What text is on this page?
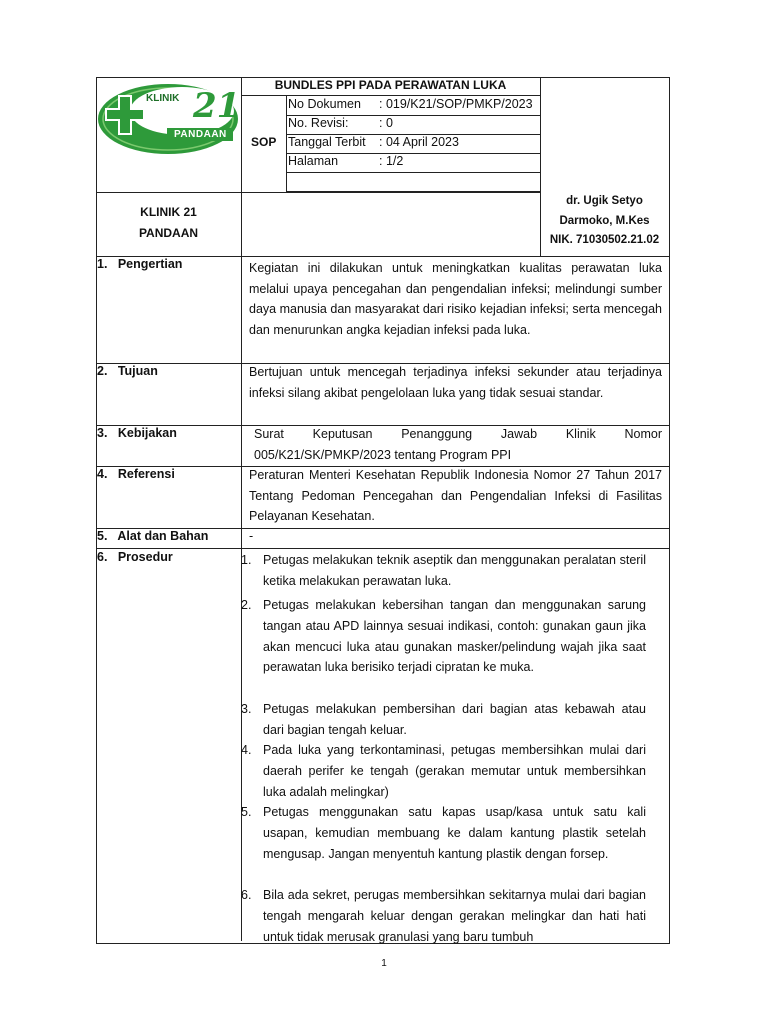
KLINIK 21
PANDAAN
BUNDLES PPI PADA PERAWATAN LUKA
SOP
No Dokumen : 019/K21/SOP/PMKP/2023
No. Revisi: : 0
Tanggal Terbit : 04 April 2023
Halaman	: 1/2
KLINIK 21
PANDAAN
dr. Ugik Setyo
Darmoko, M.Kes
NIK. 71030502.21.02
1.   Pengertian
2.   Tujuan
3.   Kebijakan
4.   Referensi
5.   Alat dan Bahan
6.   Prosedur
Kegiatan ini dilakukan untuk meningkatkan kualitas perawatan luka melalui upaya pencegahan dan pengendalian infeksi; melindungi sumber daya manusia dan masyarakat dari risiko kejadian infeksi; serta mencegah dan menurunkan angka kejadian infeksi pada luka.
Bertujuan untuk mencegah terjadinya infeksi sekunder atau terjadinya infeksi silang akibat pengelolaan luka yang tidak sesuai standar.
Surat Keputusan Penanggung Jawab Klinik Nomor 005/K21/SK/PMKP/2023 tentang Program PPI
Peraturan Menteri Kesehatan Republik Indonesia Nomor 27 Tahun 2017 Tentang Pedoman Pencegahan dan Pengendalian Infeksi di Fasilitas Pelayanan Kesehatan.
-
1. Petugas melakukan teknik aseptik dan menggunakan peralatan steril ketika melakukan perawatan luka.
2. Petugas melakukan kebersihan tangan dan menggunakan sarung tangan atau APD lainnya sesuai indikasi, contoh: gunakan gaun jika akan mencuci luka atau gunakan masker/pelindung wajah jika saat perawatan luka berisiko terjadi cipratan ke muka.
3. Petugas melakukan pembersihan dari bagian atas kebawah atau dari bagian tengah keluar.
4. Pada luka yang terkontaminasi, petugas membersihkan mulai dari daerah perifer ke tengah (gerakan memutar untuk membersihkan luka adalah melingkar)
5. Petugas menggunakan satu kapas usap/kasa untuk satu kali usapan, kemudian membuang ke dalam kantung plastik setelah mengusap. Jangan menyentuh kantung plastik dengan forsep.
6. Bila ada sekret, perugas membersihkan sekitarnya mulai dari bagian tengah mengarah keluar dengan gerakan melingkar dan hati hati untuk tidak merusak granulasi yang baru tumbuh
1
